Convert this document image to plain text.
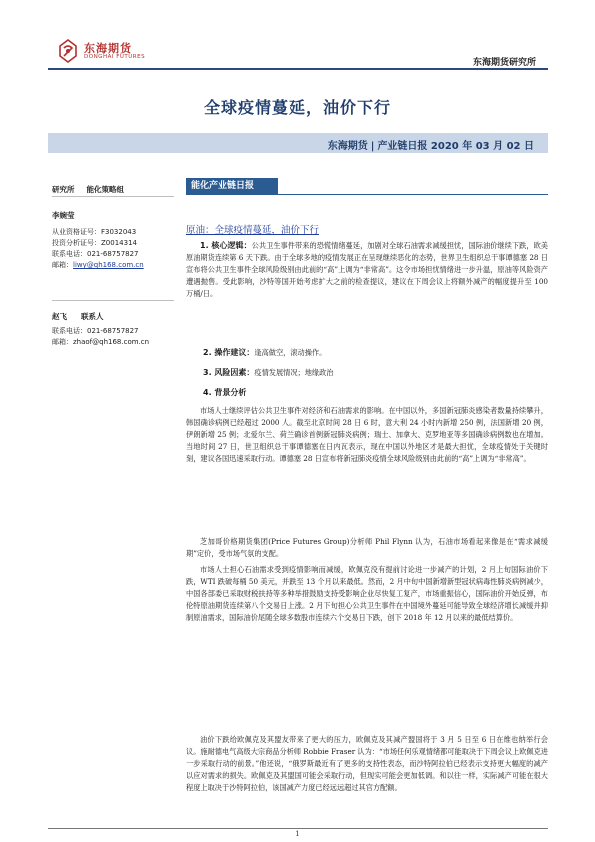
东海期货
DONGHAI FUTURES
东海期货研究所
全球疫情蔓延，油价下行
东海期货 | 产业链日报 2020 年 03 月 02 日
研究所 能化策略组
李婉莹
从业资格证号：F3032043
投资分析证号：Z0014314
联系电话：021-68757827
邮箱：liwy@qh168.com.cn
赵飞 联系人
联系电话：021-68757827
邮箱：zhaof@qh168.com.cn
能化产业链日报
原油：全球疫情蔓延，油价下行
1. 核心逻辑：公共卫生事件带来的恐慌情绪蔓延，加剧对全球石油需求减缓担忧，国际油价继续下跌，欧美原油期货连续第 6 天下跌。由于全球多地的疫情发展正在呈现继续恶化的态势，世界卫生组织总干事谭德塞 28 日宣布将公共卫生事件全球风险级别由此前的“高”上调为“非常高”。这令市场担忧情绪进一步升温，原油等风险资产遭遇抛售。受此影响，沙特等国开始考虑扩大之前的检查提议，建议在下周会议上将额外减产的幅度提升至 100 万桶/日。
2. 操作建议：逢高做空，滚动操作。
3. 风险因素：疫情发展情况；地缘政治
4. 背景分析
市场人士继续评估公共卫生事件对经济和石油需求的影响。在中国以外，多国新冠肺炎感染者数量持续攀升，韩国确诊病例已经超过 2000 人。截至北京时间 28 日 6 时，意大利 24 小时内新增 250 例，法国新增 20 例，伊朗新增 25 例；北爱尔兰、荷兰确诊首例新冠肺炎病例；瑞士、加拿大、克罗地亚等多国确诊病例数也在增加。当地时间 27 日，世卫组织总干事谭德塞在日内瓦表示，现在中国以外地区才是最大担忧，全球疫情处于关键时刻，建议各国迅速采取行动。谭德塞 28 日宣布将新冠肺炎疫情全球风险级别由此前的“高”上调为“非常高”。
芝加哥价格期货集团(Price Futures Group)分析师 Phil Flynn 认为，石油市场看起来像是在“需求减缓期”定价，受市场气氛的支配。
市场人士担心石油需求受到疫情影响而减缓，欧佩克没有提前讨论进一步减产的计划，2 月上旬国际油价下跌，WTI 跌破每桶 50 美元，并跌至 13 个月以来最低。然而，2 月中旬中国新增新型冠状病毒性肺炎病例减少，中国各部委已采取财税扶持等多种举措鼓励支持受影响企业尽快复工复产，市场重振信心，国际油价开始反弹，布伦特原油期货连续第八个交易日上涨。2 月下旬担心公共卫生事件在中国境外蔓延可能导致全球经济增长减缓并抑制原油需求，国际油价尾随全球多数股市连续六个交易日下跌，创下 2018 年 12 月以来的最低结算价。
油价下跌给欧佩克及其盟友带来了更大的压力，欧佩克及其减产盟国将于 3 月 5 日至 6 日在维也纳举行会议。施耐德电气高级大宗商品分析师 Robbie Fraser 认为：“市场任何乐观情绪都可能取决于下周会议上欧佩克进一步采取行动的前景。”他还说，“俄罗斯最近有了更多的支持性表态，而沙特阿拉伯已经表示支持更大幅度的减产以应对需求的损失。欧佩克及其盟国可能会采取行动，但现实可能会更加低调。和以往一样，实际减产可能在很大程度上取决于沙特阿拉伯，该国减产力度已经远远超过其官方配额。
1
